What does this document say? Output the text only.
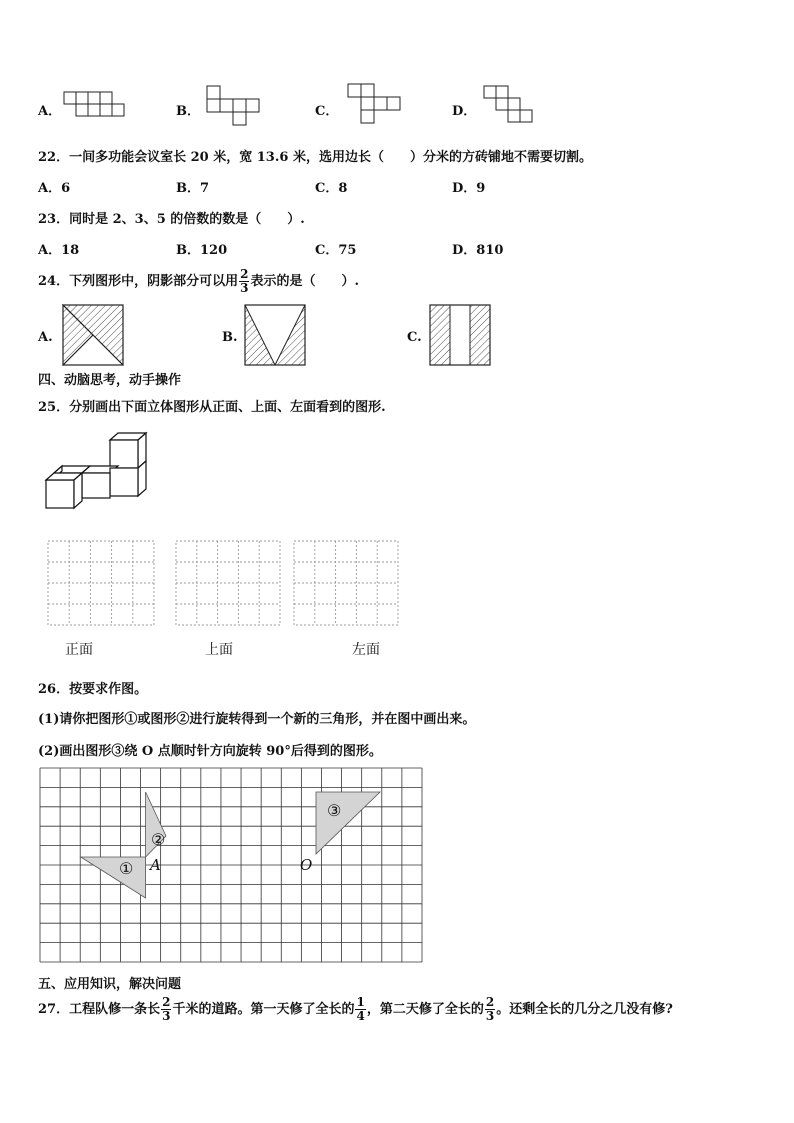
A．	B．	C．	D．
22．一间多功能会议室长 20 米，宽 13.6 米，选用边长（　　）分米的方砖铺地不需要切割。
A．6	B．7	C．8	D．9
23．同时是 2、3、5 的倍数的数是（　　）.
A．18	B．120	C．75	D．810
24．下列图形中，阴影部分可以用 $\frac{2}{3}$ 表示的是（　　）.
A.	B.	C.
四、动脑思考，动手操作
25．分别画出下面立体图形从正面、上面、左面看到的图形.
正面	上面	左面
26．按要求作图。
(1)请你把图形①或图形②进行旋转得到一个新的三角形，并在图中画出来。
(2)画出图形③绕 O 点顺时针方向旋转 90°后得到的图形。
①
②
③
A	O
五、应用知识，解决问题
27．工程队修一条长 $\frac{2}{3}$ 千米的道路。第一天修了全长的 $\frac{1}{4}$ ，第二天修了全长的 $\frac{2}{3}$ 。还剩全长的几分之几没有修?
